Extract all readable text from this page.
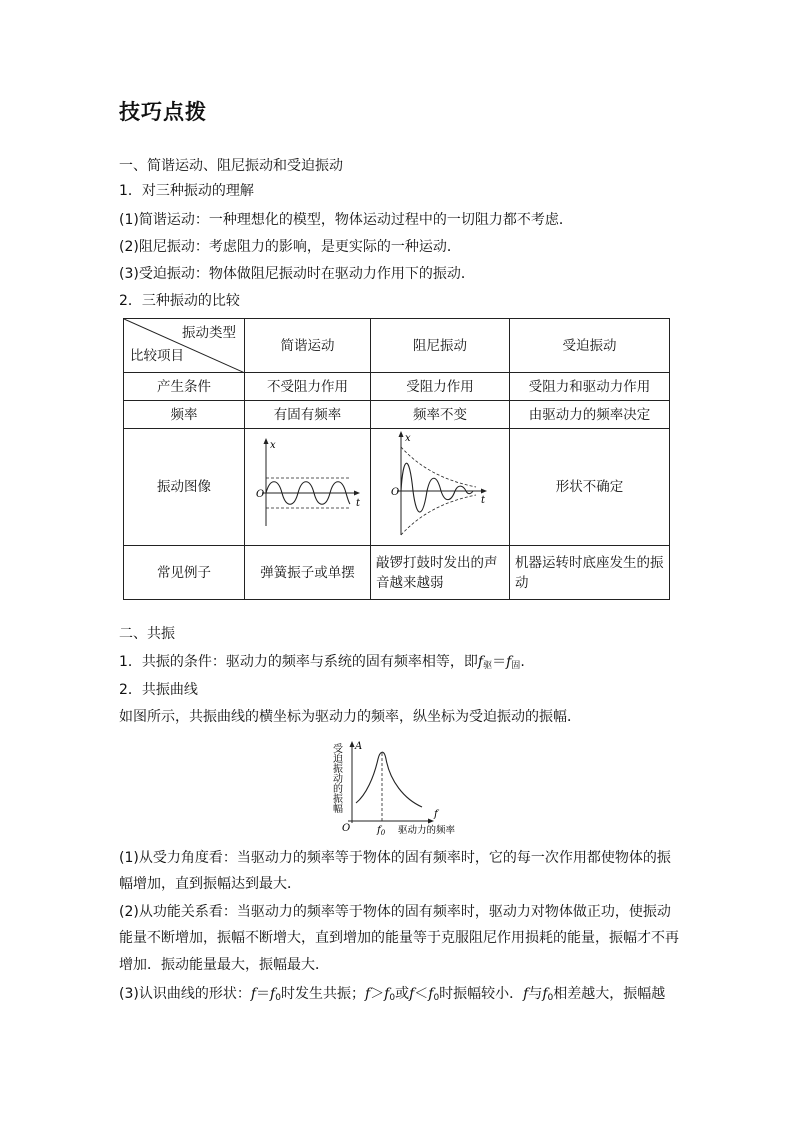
技巧点拨
一、简谐运动、阻尼振动和受迫振动
1．对三种振动的理解
(1)简谐运动：一种理想化的模型，物体运动过程中的一切阻力都不考虑．
(2)阻尼振动：考虑阻力的影响，是更实际的一种运动．
(3)受迫振动：物体做阻尼振动时在驱动力作用下的振动．
2．三种振动的比较
振动类型
比较项目	简谐运动	阻尼振动	受迫振动
产生条件	不受阻力作用	受阻力作用	受阻力和驱动力作用
频率	有固有频率	频率不变	由驱动力的频率决定
振动图像	x
O
t	x
O
t	形状不确定
常见例子	弹簧振子或单摆	敲锣打鼓时发出的声音越来越弱	机器运转时底座发生的振动
二、共振
1．共振的条件：驱动力的频率与系统的固有频率相等，即$f_驱=f_固$.
2．共振曲线
如图所示，共振曲线的横坐标为驱动力的频率，纵坐标为受迫振动的振幅．
受迫振动的振幅 A
f
O	$f_0$ 驱动力的频率
(1)从受力角度看：当驱动力的频率等于物体的固有频率时，它的每一次作用都使物体的振
幅增加，直到振幅达到最大．
(2)从功能关系看：当驱动力的频率等于物体的固有频率时，驱动力对物体做正功，使振动
能量不断增加，振幅不断增大，直到增加的能量等于克服阻尼作用损耗的能量，振幅才不再
增加．振动能量最大，振幅最大．
(3)认识曲线的形状：$f=f_0$时发生共振；$f>f_0$或$f<f_0$时振幅较小．f与$f_0$相差越大，振幅越
